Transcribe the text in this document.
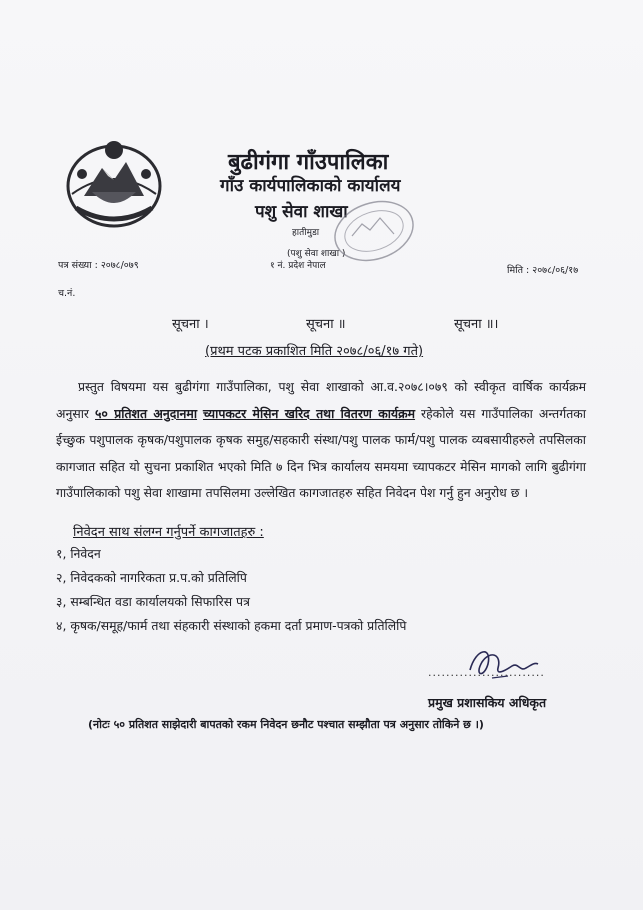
बुढीगंगा गाँउपालिका
गाँउ कार्यपालिकाको कार्यालय
पशु सेवा शाखा
हातीमुडा
(पशु सेवा शाखा )
१ नं. प्रदेश नेपाल
पत्र संख्या : २०७८/०७९	मिति : २०७८/०६/१७
च.नं.
सूचना ।	सूचना ॥	सूचना ॥।
(प्रथम पटक प्रकाशित मिति २०७८/०६/१७ गते)
प्रस्तुत विषयमा यस बुढीगंगा गाउँपालिका, पशु सेवा शाखाको आ.व.२०७८।०७९ को स्वीकृत वार्षिक कार्यक्रम अनुसार ५० प्रतिशत अनुदानमा च्यापकटर मेसिन खरिद तथा वितरण कार्यक्रम रहेकोले यस गाउँपालिका अन्तर्गतका ईच्छुक पशुपालक कृषक/पशुपालक कृषक समुह/सहकारी संस्था/पशु पालक फार्म/पशु पालक व्यबसायीहरुले तपसिलका कागजात सहित यो सुचना प्रकाशित भएको मिति ७ दिन भित्र कार्यालय समयमा च्यापकटर मेसिन मागको लागि बुढीगंगा गाउँपालिकाको पशु सेवा शाखामा तपसिलमा उल्लेखित कागजातहरु सहित निवेदन पेश गर्नु हुन अनुरोध छ ।
निवेदन साथ संलग्न गर्नुपर्ने कागजातहरु :
१, निवेदन
२, निवेदकको नागरिकता प्र.प.को प्रतिलिपि
३, सम्बन्धित वडा कार्यालयको सिफारिस पत्र
४, कृषक/समूह/फार्म तथा संहकारी संस्थाको हकमा दर्ता प्रमाण-पत्रको प्रतिलिपि
..........................
प्रमुख प्रशासकिय अधिकृत
(नोटः ५० प्रतिशत साझेदारी बापतको रकम निवेदन छनौट पश्चात सम्झौता पत्र अनुसार तोकिने छ ।)
